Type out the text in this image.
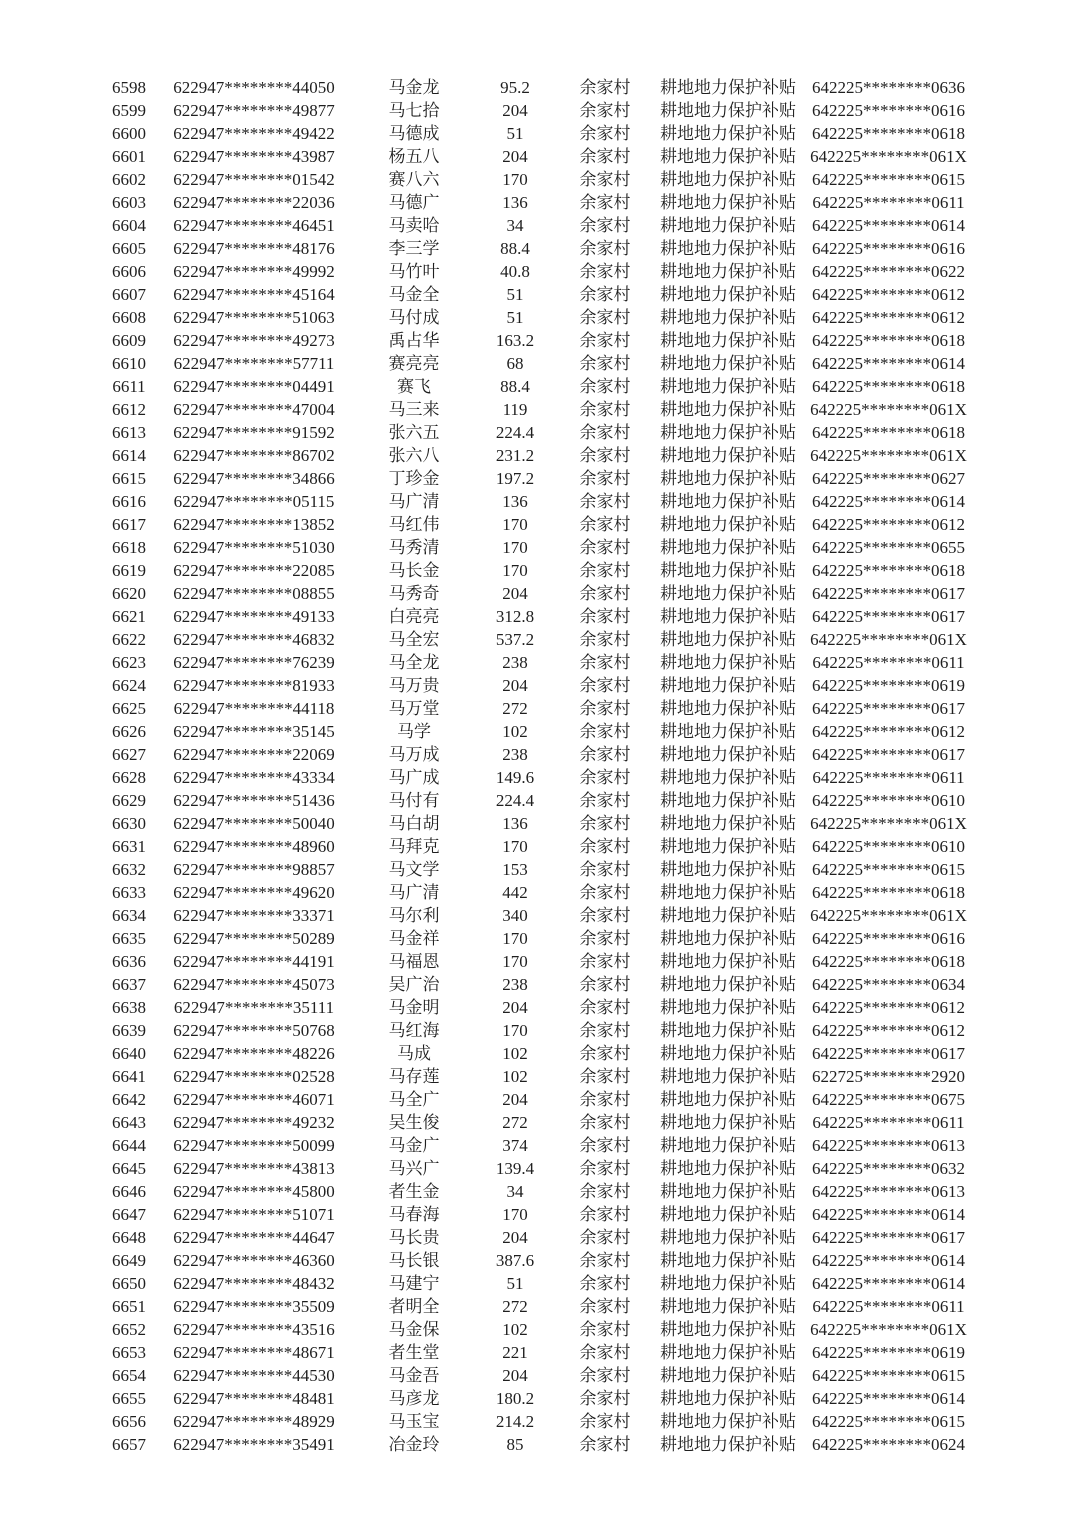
6598	622947********44050	马金龙	95.2	余家村	耕地地力保护补贴	642225********0636
6599	622947********49877	马七拾	204	余家村	耕地地力保护补贴	642225********0616
6600	622947********49422	马德成	51	余家村	耕地地力保护补贴	642225********0618
6601	622947********43987	杨五八	204	余家村	耕地地力保护补贴	642225********061X
6602	622947********01542	赛八六	170	余家村	耕地地力保护补贴	642225********0615
6603	622947********22036	马德广	136	余家村	耕地地力保护补贴	642225********0611
6604	622947********46451	马卖哈	34	余家村	耕地地力保护补贴	642225********0614
6605	622947********48176	李三学	88.4	余家村	耕地地力保护补贴	642225********0616
6606	622947********49992	马竹叶	40.8	余家村	耕地地力保护补贴	642225********0622
6607	622947********45164	马金全	51	余家村	耕地地力保护补贴	642225********0612
6608	622947********51063	马付成	51	余家村	耕地地力保护补贴	642225********0612
6609	622947********49273	禹占华	163.2	余家村	耕地地力保护补贴	642225********0618
6610	622947********57711	赛亮亮	68	余家村	耕地地力保护补贴	642225********0614
6611	622947********04491	赛飞	88.4	余家村	耕地地力保护补贴	642225********0618
6612	622947********47004	马三来	119	余家村	耕地地力保护补贴	642225********061X
6613	622947********91592	张六五	224.4	余家村	耕地地力保护补贴	642225********0618
6614	622947********86702	张六八	231.2	余家村	耕地地力保护补贴	642225********061X
6615	622947********34866	丁珍金	197.2	余家村	耕地地力保护补贴	642225********0627
6616	622947********05115	马广清	136	余家村	耕地地力保护补贴	642225********0614
6617	622947********13852	马红伟	170	余家村	耕地地力保护补贴	642225********0612
6618	622947********51030	马秀清	170	余家村	耕地地力保护补贴	642225********0655
6619	622947********22085	马长金	170	余家村	耕地地力保护补贴	642225********0618
6620	622947********08855	马秀奇	204	余家村	耕地地力保护补贴	642225********0617
6621	622947********49133	白亮亮	312.8	余家村	耕地地力保护补贴	642225********0617
6622	622947********46832	马全宏	537.2	余家村	耕地地力保护补贴	642225********061X
6623	622947********76239	马全龙	238	余家村	耕地地力保护补贴	642225********0611
6624	622947********81933	马万贵	204	余家村	耕地地力保护补贴	642225********0619
6625	622947********44118	马万堂	272	余家村	耕地地力保护补贴	642225********0617
6626	622947********35145	马学	102	余家村	耕地地力保护补贴	642225********0612
6627	622947********22069	马万成	238	余家村	耕地地力保护补贴	642225********0617
6628	622947********43334	马广成	149.6	余家村	耕地地力保护补贴	642225********0611
6629	622947********51436	马付有	224.4	余家村	耕地地力保护补贴	642225********0610
6630	622947********50040	马白胡	136	余家村	耕地地力保护补贴	642225********061X
6631	622947********48960	马拜克	170	余家村	耕地地力保护补贴	642225********0610
6632	622947********98857	马文学	153	余家村	耕地地力保护补贴	642225********0615
6633	622947********49620	马广清	442	余家村	耕地地力保护补贴	642225********0618
6634	622947********33371	马尔利	340	余家村	耕地地力保护补贴	642225********061X
6635	622947********50289	马金祥	170	余家村	耕地地力保护补贴	642225********0616
6636	622947********44191	马福恩	170	余家村	耕地地力保护补贴	642225********0618
6637	622947********45073	吴广治	238	余家村	耕地地力保护补贴	642225********0634
6638	622947********35111	马金明	204	余家村	耕地地力保护补贴	642225********0612
6639	622947********50768	马红海	170	余家村	耕地地力保护补贴	642225********0612
6640	622947********48226	马成	102	余家村	耕地地力保护补贴	642225********0617
6641	622947********02528	马存莲	102	余家村	耕地地力保护补贴	622725********2920
6642	622947********46071	马全广	204	余家村	耕地地力保护补贴	642225********0675
6643	622947********49232	吴生俊	272	余家村	耕地地力保护补贴	642225********0611
6644	622947********50099	马金广	374	余家村	耕地地力保护补贴	642225********0613
6645	622947********43813	马兴广	139.4	余家村	耕地地力保护补贴	642225********0632
6646	622947********45800	者生金	34	余家村	耕地地力保护补贴	642225********0613
6647	622947********51071	马春海	170	余家村	耕地地力保护补贴	642225********0614
6648	622947********44647	马长贵	204	余家村	耕地地力保护补贴	642225********0617
6649	622947********46360	马长银	387.6	余家村	耕地地力保护补贴	642225********0614
6650	622947********48432	马建宁	51	余家村	耕地地力保护补贴	642225********0614
6651	622947********35509	者明全	272	余家村	耕地地力保护补贴	642225********0611
6652	622947********43516	马金保	102	余家村	耕地地力保护补贴	642225********061X
6653	622947********48671	者生堂	221	余家村	耕地地力保护补贴	642225********0619
6654	622947********44530	马金吾	204	余家村	耕地地力保护补贴	642225********0615
6655	622947********48481	马彦龙	180.2	余家村	耕地地力保护补贴	642225********0614
6656	622947********48929	马玉宝	214.2	余家村	耕地地力保护补贴	642225********0615
6657	622947********35491	冶金玲	85	余家村	耕地地力保护补贴	642225********0624
